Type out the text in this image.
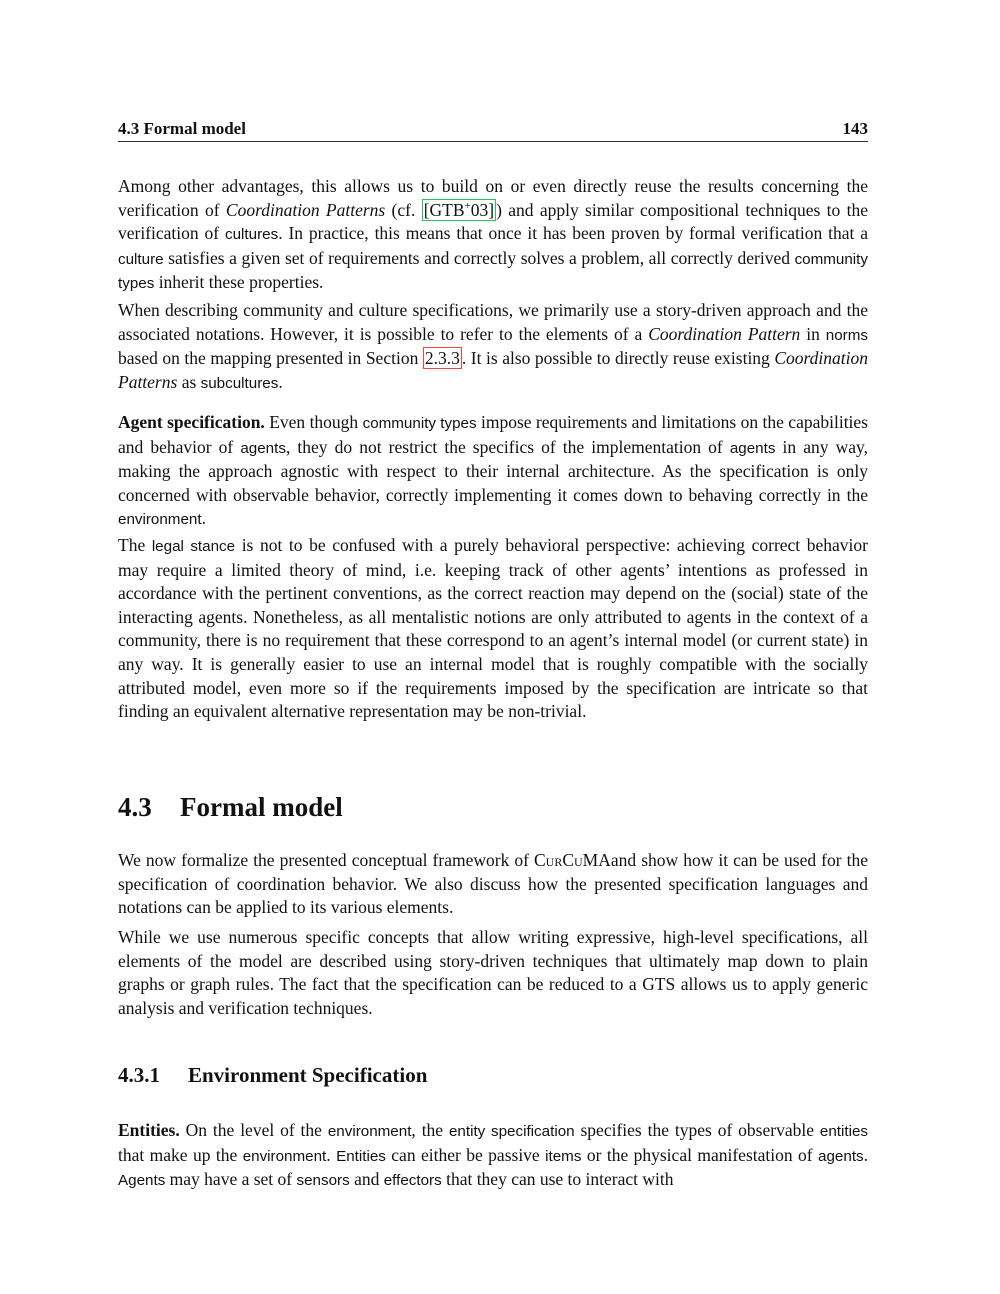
4.3 Formal model	143

Among other advantages, this allows us to build on or even directly reuse the results concerning the verification of Coordination Patterns (cf. [GTB+03] ) and apply similar compositional techniques to the verification of cultures. In practice, this means that once it has been proven by formal verification that a culture satisfies a given set of requirements and correctly solves a problem, all correctly derived community types inherit these properties.

When describing community and culture specifications, we primarily use a story-driven approach and the associated notations. However, it is possible to refer to the elements of a Coordination Pattern in norms based on the mapping presented in Section 2.3.3 . It is also possible to directly reuse existing Coordination Patterns as subcultures.

Agent specification. Even though community types impose requirements and limitations on the capabilities and behavior of agents, they do not restrict the specifics of the implementation of agents in any way, making the approach agnostic with respect to their internal architecture. As the specification is only concerned with observable behavior, correctly implementing it comes down to behaving correctly in the environment.

The legal stance is not to be confused with a purely behavioral perspective: achieving correct behavior may require a limited theory of mind, i.e. keeping track of other agents’ intentions as professed in accordance with the pertinent conventions, as the correct reaction may depend on the (social) state of the interacting agents. Nonetheless, as all mentalistic notions are only attributed to agents in the context of a community, there is no requirement that these correspond to an agent’s internal model (or current state) in any way. It is generally easier to use an internal model that is roughly compatible with the socially attributed model, even more so if the requirements imposed by the specification are intricate so that finding an equivalent alternative representation may be non-trivial.

4.3 Formal model

We now formalize the presented conceptual framework of CurCuMAand show how it can be used for the specification of coordination behavior. We also discuss how the presented specification languages and notations can be applied to its various elements.

While we use numerous specific concepts that allow writing expressive, high-level specifications, all elements of the model are described using story-driven techniques that ultimately map down to plain graphs or graph rules. The fact that the specification can be reduced to a GTS allows us to apply generic analysis and verification techniques.

4.3.1 Environment Specification

Entities. On the level of the environment, the entity specification specifies the types of observable entities that make up the environment. Entities can either be passive items or the physical manifestation of agents. Agents may have a set of sensors and effectors that they can use to interact with
